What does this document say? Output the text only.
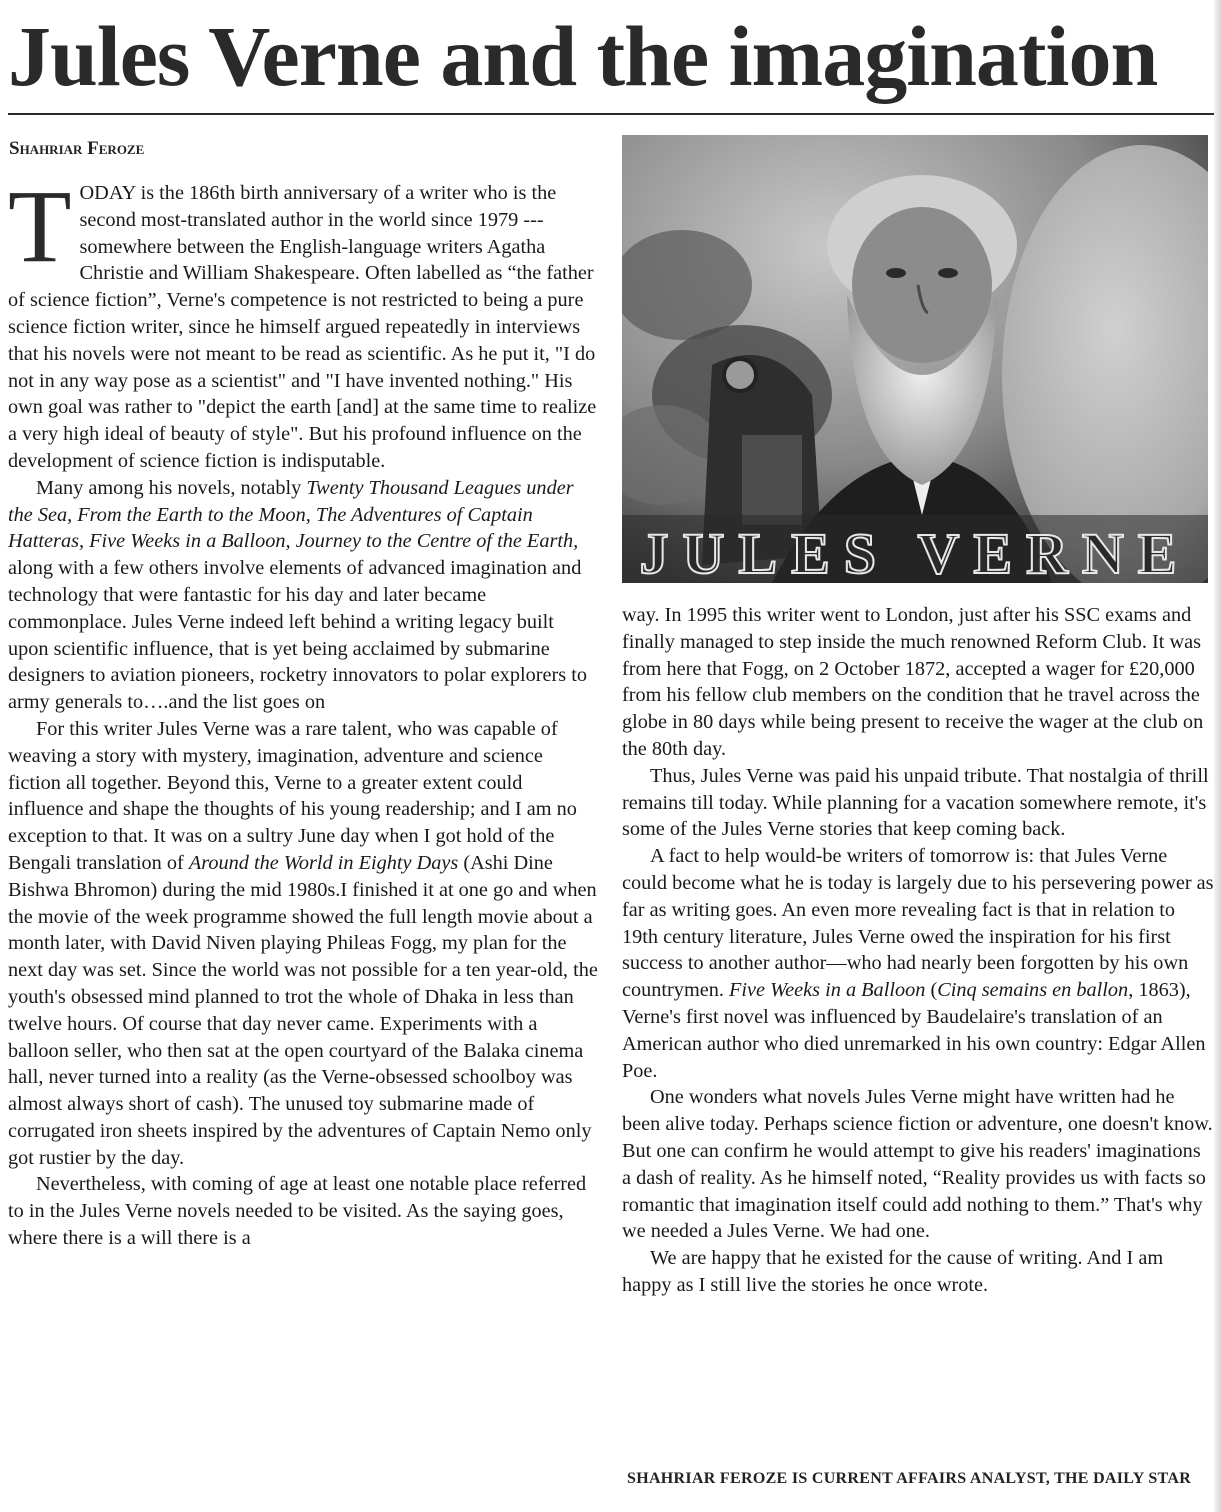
Jules Verne and the imagination
Shahriar Feroze

TODAY is the 186th birth anniversary of a writer who is the second most-translated author in the world since 1979 --- somewhere between the English-language writers Agatha Christie and William Shakespeare. Often labelled as “the father of science fiction”, Verne's competence is not restricted to being a pure science fiction writer, since he himself argued repeatedly in interviews that his novels were not meant to be read as scientific. As he put it, "I do not in any way pose as a scientist" and "I have invented nothing." His own goal was rather to "depict the earth [and] at the same time to realize a very high ideal of beauty of style". But his profound influence on the development of science fiction is indisputable.

Many among his novels, notably Twenty Thousand Leagues under the Sea, From the Earth to the Moon, The Adventures of Captain Hatteras, Five Weeks in a Balloon, Journey to the Centre of the Earth, along with a few others involve elements of advanced imagination and technology that were fantastic for his day and later became commonplace. Jules Verne indeed left behind a writing legacy built upon scientific influence, that is yet being acclaimed by submarine designers to aviation pioneers, rocketry innovators to polar explorers to army generals to….and the list goes on

For this writer Jules Verne was a rare talent, who was capable of weaving a story with mystery, imagination, adventure and science fiction all together. Beyond this, Verne to a greater extent could influence and shape the thoughts of his young readership; and I am no exception to that. It was on a sultry June day when I got hold of the Bengali translation of Around the World in Eighty Days (Ashi Dine Bishwa Bhromon) during the mid 1980s.I finished it at one go and when the movie of the week programme showed the full length movie about a month later, with David Niven playing Phileas Fogg, my plan for the next day was set. Since the world was not possible for a ten year-old, the youth's obsessed mind planned to trot the whole of Dhaka in less than twelve hours. Of course that day never came. Experiments with a balloon seller, who then sat at the open courtyard of the Balaka cinema hall, never turned into a reality (as the Verne-obsessed schoolboy was almost always short of cash). The unused toy submarine made of corrugated iron sheets inspired by the adventures of Captain Nemo only got rustier by the day.

Nevertheless, with coming of age at least one notable place referred to in the Jules Verne novels needed to be visited. As the saying goes, where there is a will there is a

JULES VERNE

way. In 1995 this writer went to London, just after his SSC exams and finally managed to step inside the much renowned Reform Club. It was from here that Fogg, on 2 October 1872, accepted a wager for £20,000 from his fellow club members on the condition that he travel across the globe in 80 days while being present to receive the wager at the club on the 80th day.

Thus, Jules Verne was paid his unpaid tribute. That nostalgia of thrill remains till today. While planning for a vacation somewhere remote, it's some of the Jules Verne stories that keep coming back.

A fact to help would-be writers of tomorrow is: that Jules Verne could become what he is today is largely due to his persevering power as far as writing goes. An even more revealing fact is that in relation to 19th century literature, Jules Verne owed the inspiration for his first success to another author—who had nearly been forgotten by his own countrymen. Five Weeks in a Balloon (Cinq semains en ballon, 1863), Verne's first novel was influenced by Baudelaire's translation of an American author who died unremarked in his own country: Edgar Allen Poe.

One wonders what novels Jules Verne might have written had he been alive today. Perhaps science fiction or adventure, one doesn't know. But one can confirm he would attempt to give his readers' imaginations a dash of reality. As he himself noted, “Reality provides us with facts so romantic that imagination itself could add nothing to them.” That's why we needed a Jules Verne. We had one.

We are happy that he existed for the cause of writing. And I am happy as I still live the stories he once wrote.

SHAHRIAR FEROZE IS CURRENT AFFAIRS ANALYST, THE DAILY STAR
